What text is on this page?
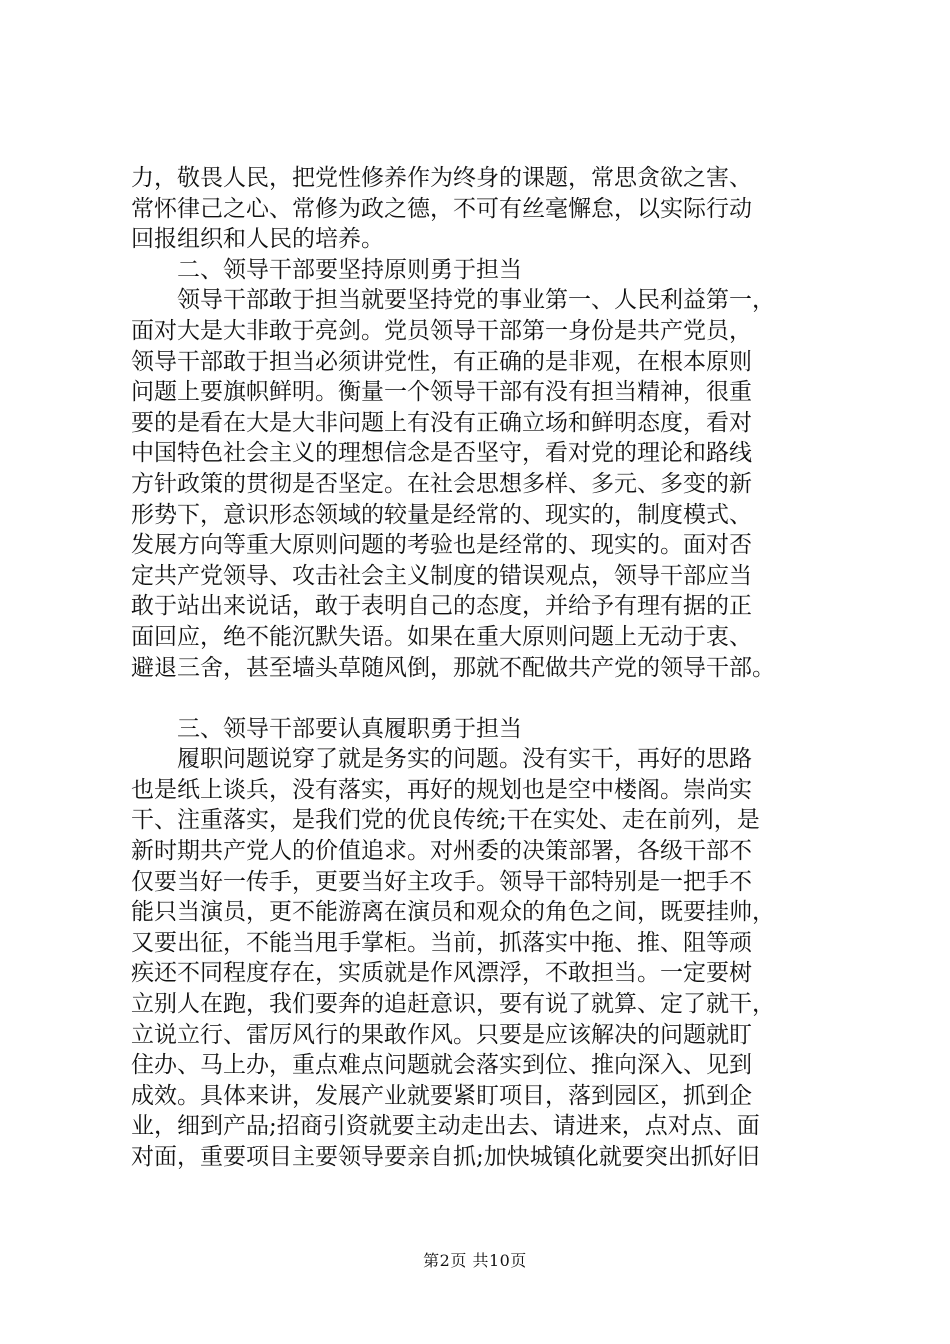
力，敬畏人民，把党性修养作为终身的课题，常思贪欲之害、
常怀律己之心、常修为政之德，不可有丝毫懈怠，以实际行动
回报组织和人民的培养。
　　二、领导干部要坚持原则勇于担当
　　领导干部敢于担当就要坚持党的事业第一、人民利益第一，
面对大是大非敢于亮剑。党员领导干部第一身份是共产党员，
领导干部敢于担当必须讲党性，有正确的是非观，在根本原则
问题上要旗帜鲜明。衡量一个领导干部有没有担当精神，很重
要的是看在大是大非问题上有没有正确立场和鲜明态度，看对
中国特色社会主义的理想信念是否坚守，看对党的理论和路线
方针政策的贯彻是否坚定。在社会思想多样、多元、多变的新
形势下，意识形态领域的较量是经常的、现实的，制度模式、
发展方向等重大原则问题的考验也是经常的、现实的。面对否
定共产党领导、攻击社会主义制度的错误观点，领导干部应当
敢于站出来说话，敢于表明自己的态度，并给予有理有据的正
面回应，绝不能沉默失语。如果在重大原则问题上无动于衷、
避退三舍，甚至墙头草随风倒，那就不配做共产党的领导干部。
　　三、领导干部要认真履职勇于担当
　　履职问题说穿了就是务实的问题。没有实干，再好的思路
也是纸上谈兵，没有落实，再好的规划也是空中楼阁。崇尚实
干、注重落实，是我们党的优良传统;干在实处、走在前列，是
新时期共产党人的价值追求。对州委的决策部署，各级干部不
仅要当好一传手，更要当好主攻手。领导干部特别是一把手不
能只当演员，更不能游离在演员和观众的角色之间，既要挂帅，
又要出征，不能当甩手掌柜。当前，抓落实中拖、推、阻等顽
疾还不同程度存在，实质就是作风漂浮，不敢担当。一定要树
立别人在跑，我们要奔的追赶意识，要有说了就算、定了就干，
立说立行、雷厉风行的果敢作风。只要是应该解决的问题就盯
住办、马上办，重点难点问题就会落实到位、推向深入、见到
成效。具体来讲，发展产业就要紧盯项目，落到园区，抓到企
业，细到产品;招商引资就要主动走出去、请进来，点对点、面
对面，重要项目主要领导要亲自抓;加快城镇化就要突出抓好旧
第2页 共10页
